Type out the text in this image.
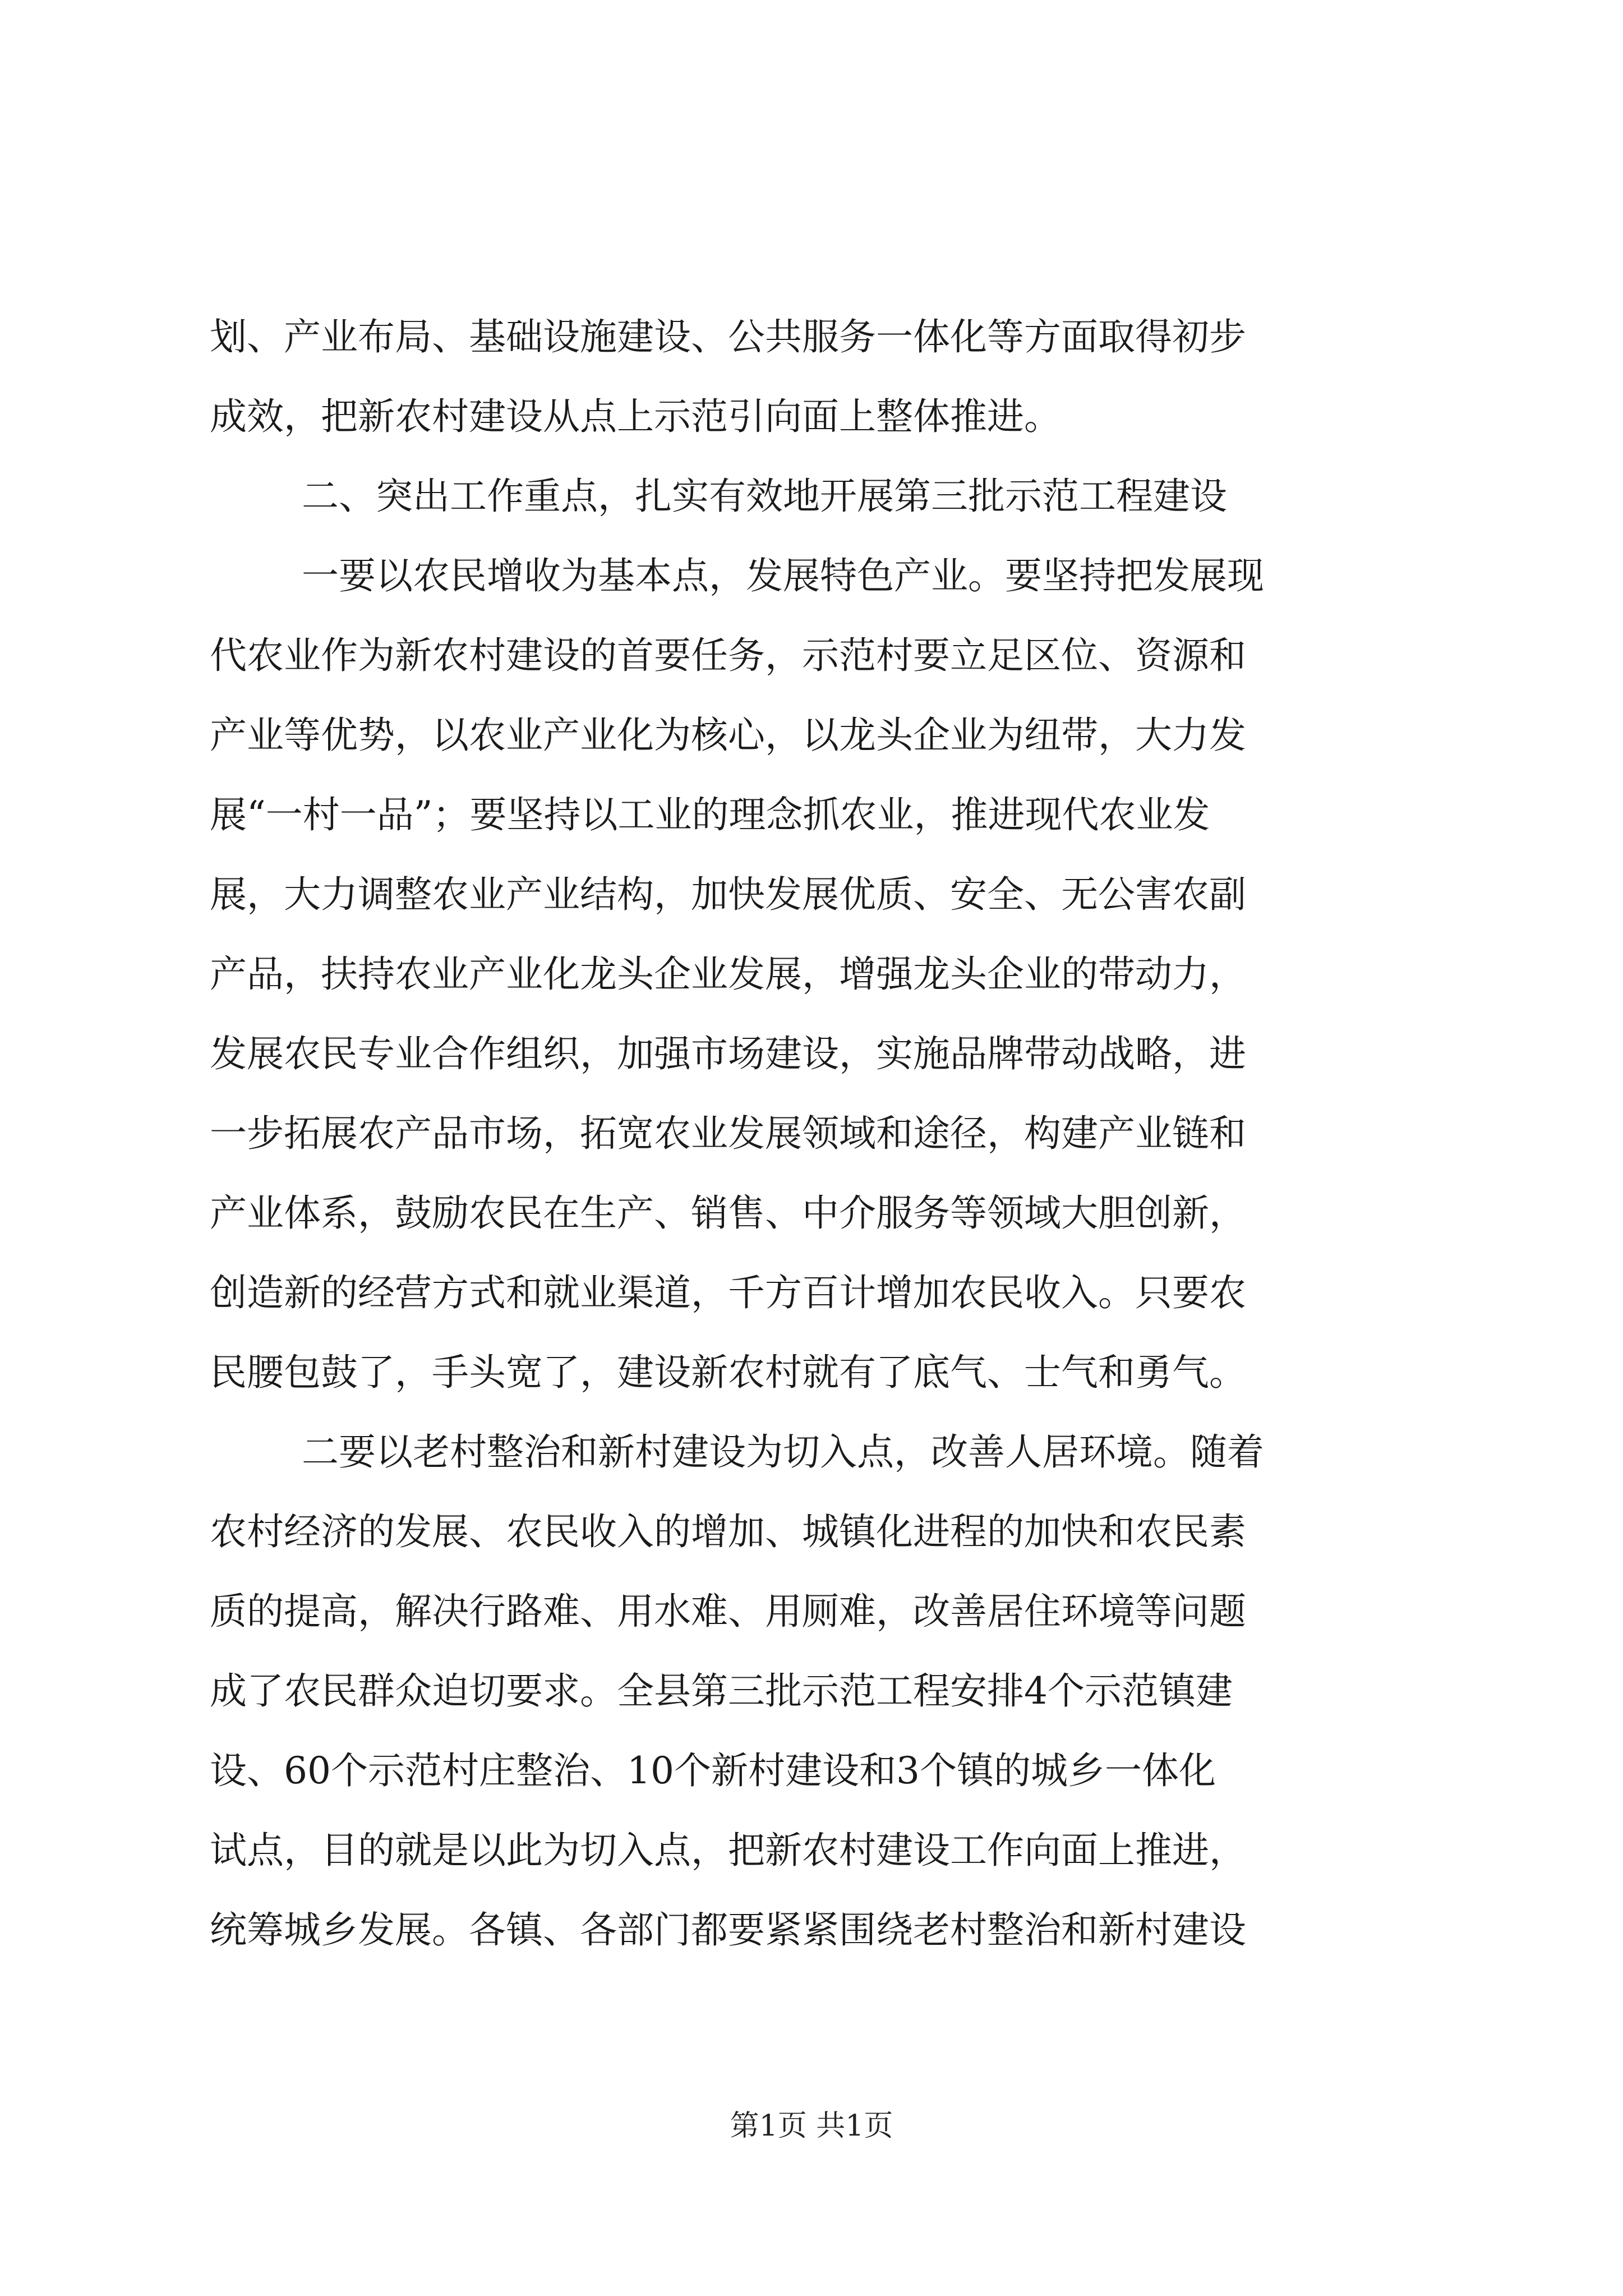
划、产业布局、基础设施建设、公共服务一体化等方面取得初步
成效，把新农村建设从点上示范引向面上整体推进。
二、突出工作重点，扎实有效地开展第三批示范工程建设
一要以农民增收为基本点，发展特色产业。要坚持把发展现
代农业作为新农村建设的首要任务，示范村要立足区位、资源和
产业等优势，以农业产业化为核心，以龙头企业为纽带，大力发
展“一村一品”；要坚持以工业的理念抓农业，推进现代农业发
展，大力调整农业产业结构，加快发展优质、安全、无公害农副
产品，扶持农业产业化龙头企业发展，增强龙头企业的带动力，
发展农民专业合作组织，加强市场建设，实施品牌带动战略，进
一步拓展农产品市场，拓宽农业发展领域和途径，构建产业链和
产业体系，鼓励农民在生产、销售、中介服务等领域大胆创新，
创造新的经营方式和就业渠道，千方百计增加农民收入。只要农
民腰包鼓了，手头宽了，建设新农村就有了底气、士气和勇气。
二要以老村整治和新村建设为切入点，改善人居环境。随着
农村经济的发展、农民收入的增加、城镇化进程的加快和农民素
质的提高，解决行路难、用水难、用厕难，改善居住环境等问题
成了农民群众迫切要求。全县第三批示范工程安排4个示范镇建
设、60个示范村庄整治、10个新村建设和3个镇的城乡一体化
试点，目的就是以此为切入点，把新农村建设工作向面上推进，
统筹城乡发展。各镇、各部门都要紧紧围绕老村整治和新村建设
第1页 共1页
